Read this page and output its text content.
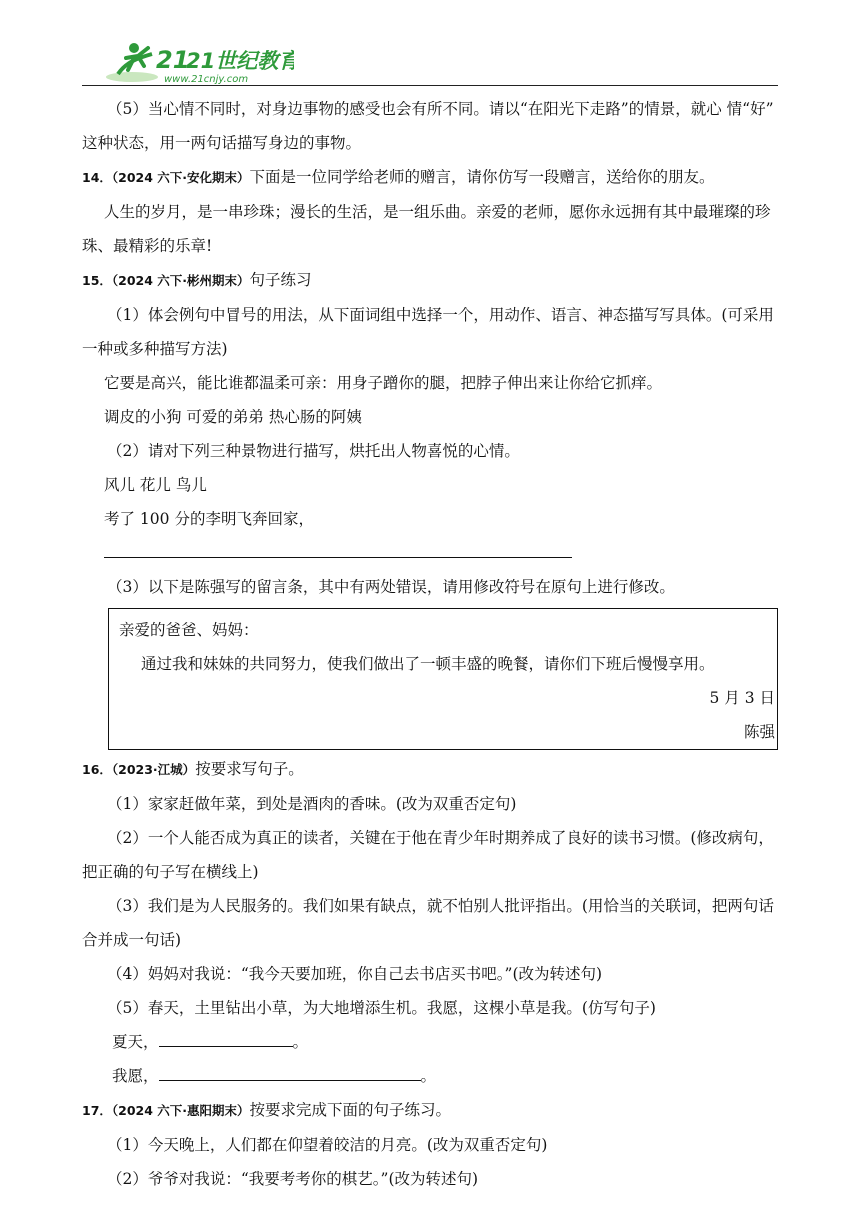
21
21世纪教育
www.21cnjy.com

（5）当心情不同时，对身边事物的感受也会有所不同。请以“在阳光下走路”的情景，就心 情“好”

这种状态，用一两句话描写身边的事物。

14．（2024 六下·安化期末）下面是一位同学给老师的赠言，请你仿写一段赠言，送给你的朋友。

人生的岁月，是一串珍珠；漫长的生活，是一组乐曲。亲爱的老师，愿你永远拥有其中最璀璨的珍

珠、最精彩的乐章!

15．（2024 六下·彬州期末）句子练习

（1）体会例句中冒号的用法，从下面词组中选择一个，用动作、语言、神态描写写具体。(可采用

一种或多种描写方法)

它要是高兴，能比谁都温柔可亲：用身子蹭你的腿，把脖子伸出来让你给它抓痒。

调皮的小狗 可爱的弟弟 热心肠的阿姨

（2）请对下列三种景物进行描写，烘托出人物喜悦的心情。

风儿 花儿 鸟儿

考了 100 分的李明飞奔回家，

（3）以下是陈强写的留言条，其中有两处错误，请用修改符号在原句上进行修改。

亲爱的爸爸、妈妈：
通过我和妹妹的共同努力，使我们做出了一顿丰盛的晚餐，请你们下班后慢慢享用。
5 月 3 日
陈强

16．（2023·江城）按要求写句子。

（1）家家赶做年菜，到处是酒肉的香味。(改为双重否定句)

（2）一个人能否成为真正的读者，关键在于他在青少年时期养成了良好的读书习惯。(修改病句，

把正确的句子写在横线上)

（3）我们是为人民服务的。我们如果有缺点，就不怕别人批评指出。(用恰当的关联词，把两句话

合并成一句话)

（4）妈妈对我说：“我今天要加班，你自己去书店买书吧。”(改为转述句)

（5）春天，土里钻出小草，为大地增添生机。我愿，这棵小草是我。(仿写句子)

夏天，	。

我愿，	。

17．（2024 六下·惠阳期末）按要求完成下面的句子练习。

（1）今天晚上，人们都在仰望着皎洁的月亮。(改为双重否定句)

（2）爷爷对我说：“我要考考你的棋艺。”(改为转述句)
